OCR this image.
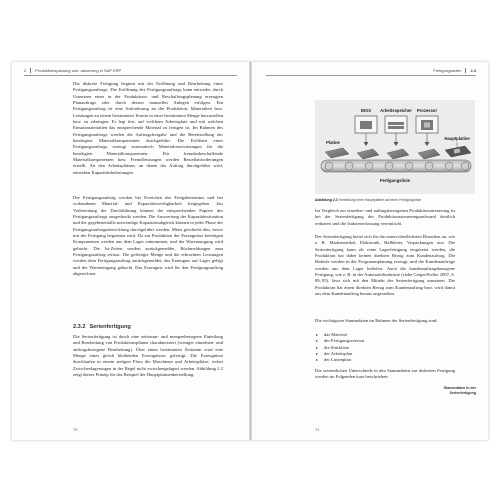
2 Produktionsplanung und -steuerung in SAP ERP

Die diskrete Fertigung beginnt mit der Eröffnung und Bearbeitung eines Fertigungsauftrags. Die Eröffnung des Fertigungsauftrags kann entweder durch Umsetzen eines in der Produktions- und Beschaffungsplanung erzeugten Planauftrags oder durch dessen manuelles Anlegen erfolgen. Ein Fertigungsauftrag ist eine Anforderung an die Produktion, Materialien bzw. Leistungen zu einem bestimmten Termin in einer bestimmten Menge herzustellen bzw. zu erbringen. Er legt fest, auf welchem Arbeitsplatz und mit welchen Einsatzmaterialien das entsprechende Material zu fertigen ist. Im Rahmen des Fertigungsauftrags werden die Auftragsfreigabe und die Bereitstellung der benötigten Materialkomponenten durchgeführt. Die Eröffnen eines Fertigungsauftrags erzeugt automatisch Materialreservierungen für die benötigten Materialkomponenten. Für fremdzubeschaffende Materialkomponenten bzw. Fremdleistungen werden Bestellanforderungen erstellt. An den Arbeitsplätzen, an denen der Auftrag durchgeführt wird, entstehen Kapazitätsbelastungen.

Der Fertigungsauftrag werden bei Erreichen des Freigabetermins und bei vorhandener Material- und Kapazitätsverfügbarkeit freigegeben. Zur Vorbereitung der Durchführung können die entsprechenden Papiere des Fertigungsauftrags ausgedruckt werden. Die Auswertung der Kapazitätssituation und der gegebenenfalls notwendige Kapazitätsabgleich können in jeder Phase der Fertigungsauftragsabwicklung durchgeführt werden. Meist geschieht dies, bevor mit der Fertigung begonnen wird. Da zur Produktion der Erzeugnisse benötigen Komponenten werden aus dem Lager entnommen, und der Warenausgang wird gebucht. Die Ist-Zeiten werden zurückgemeldet, Rückmeldungen zum Fertigungsauftrag erfasst. Die gefertigte Menge und die erbrachten Leistungen werden dem Fertigungsauftrag zurückgemeldet, das Erzeugnis auf Lager gelegt und der Wareneingang gebucht. Das Erzeugnis wird für den Fertigungsauftrag abgerechnet.

2.3.2 Serienfertigung

Die Serienfertigung ist durch eine zeitraum- und mengenbezogene Einteilung und Bearbeitung von Produktionsplänen charakterisiert (weniger einzelnen- und auftragsbezogene Bearbeitung). Über einen bestimmten Zeitraum wird eine Menge eines gleich bleibenden Erzeugnisses gefertigt. Die Erzeugnisse durchlaufen in einem stetigen Fluss die Maschinen und Arbeitsplätze, wobei Zwischenlagerungen in der Regel nicht zwischengelagert werden. Abbildung 2.2 zeigt dieses Prinzip für das Beispiel der Hauptplatinenherstellung.

70
Fertigungsarten 2.3
BIOS Arbeitsspeicher Prozessor
Platine
Hauptplatine
Fertigungslinie
Abbildung 2.2 Herstellung einer Hauptplatine auf einer Fertigungslinie

Im Vergleich zur einzelne- und auftragsbezogenen Produktionssteuerung ist bei der Serienfertigung der Produktionssteuerungsaufwand deutlich reduziert und die Istdatenerfassung vereinfacht.

Der Serienfertigung bietet sich für die unterschiedlichsten Branchen an, wie z. B. Markenartikel, Elektronik, Halbleiter, Verpackungen usw. Die Serienfertigung kann als reine Lagerfertigung eingesetzt werden, die Produktion hat dabei keinen direkten Bezug zum Kundenauftrag. Die Bedarfe werden in der Programmplanung erzeugt, und die Kundenaufträge werden aus dem Lager beliefert. Auch die kundenauftragsbezogene Fertigung, wie z. B. in der Automobilindustrie (siehe Geiger/Keller 2007, S. 89–95), lässt sich mit den Mitteln der Serienfertigung umsetzen. Die Produktion hat einen direkten Bezug zum Kundenauftrag bzw. wird damit aus dem Kundenauftrag heraus angestoßen.

Die wichtigsten Stammdaten im Rahmen der Serienfertigung sind:

Stammdaten in der Serienfertigung
▸ das Material
▸ der Fertigungsversion
▸ die Stückliste
▸ der Arbeitsplan
▸ der Linienplan

Die wesentlichen Unterschiede in den Stammdaten zur diskreten Fertigung werden im Folgenden kurz beschrieben:

71
